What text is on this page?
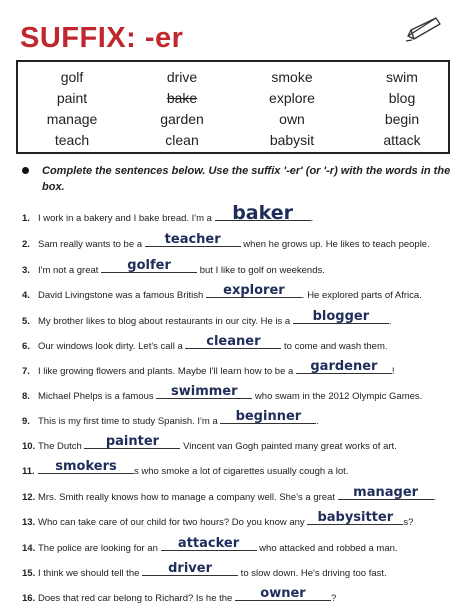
SUFFIX: -er
golf	drive	smoke	swim
paint	bake	explore	blog
manage	garden	own	begin
teach	clean	babysit	attack
Complete the sentences below. Use the suffix '-er' (or '-r) with the words in the box.
1. I work in a bakery and I bake bread. I'm a baker	.
2. Sam really wants to be a	teacher	when he grows up. He likes to teach people.
3. I'm not a great	golfer	but I like to golf on weekends.
4. David Livingstone was a famous British	explorer	. He explored parts of Africa.
5. My brother likes to blog about restaurants in our city. He is a	blogger	.
6. Our windows look dirty. Let's call a	cleaner	to come and wash them.
7. I like growing flowers and plants. Maybe I'll learn how to be a	gardener	!
8. Michael Phelps is a famous	swimmer	who swam in the 2012 Olympic Games.
9. This is my first time to study Spanish. I'm a	beginner	.
10. The Dutch	painter	Vincent van Gogh painted many great works of art.
11.	smokers	s who smoke a lot of cigarettes usually cough a lot.
12. Mrs. Smith really knows how to manage a company well. She's a great	manager	.
13. Who can take care of our child for two hours? Do you know any babysitter	s?
14. The police are looking for an	attacker	who attacked and robbed a man.
15. I think we should tell the	driver	to slow down. He's driving too fast.
16. Does that red car belong to Richard? Is he the	owner	?
